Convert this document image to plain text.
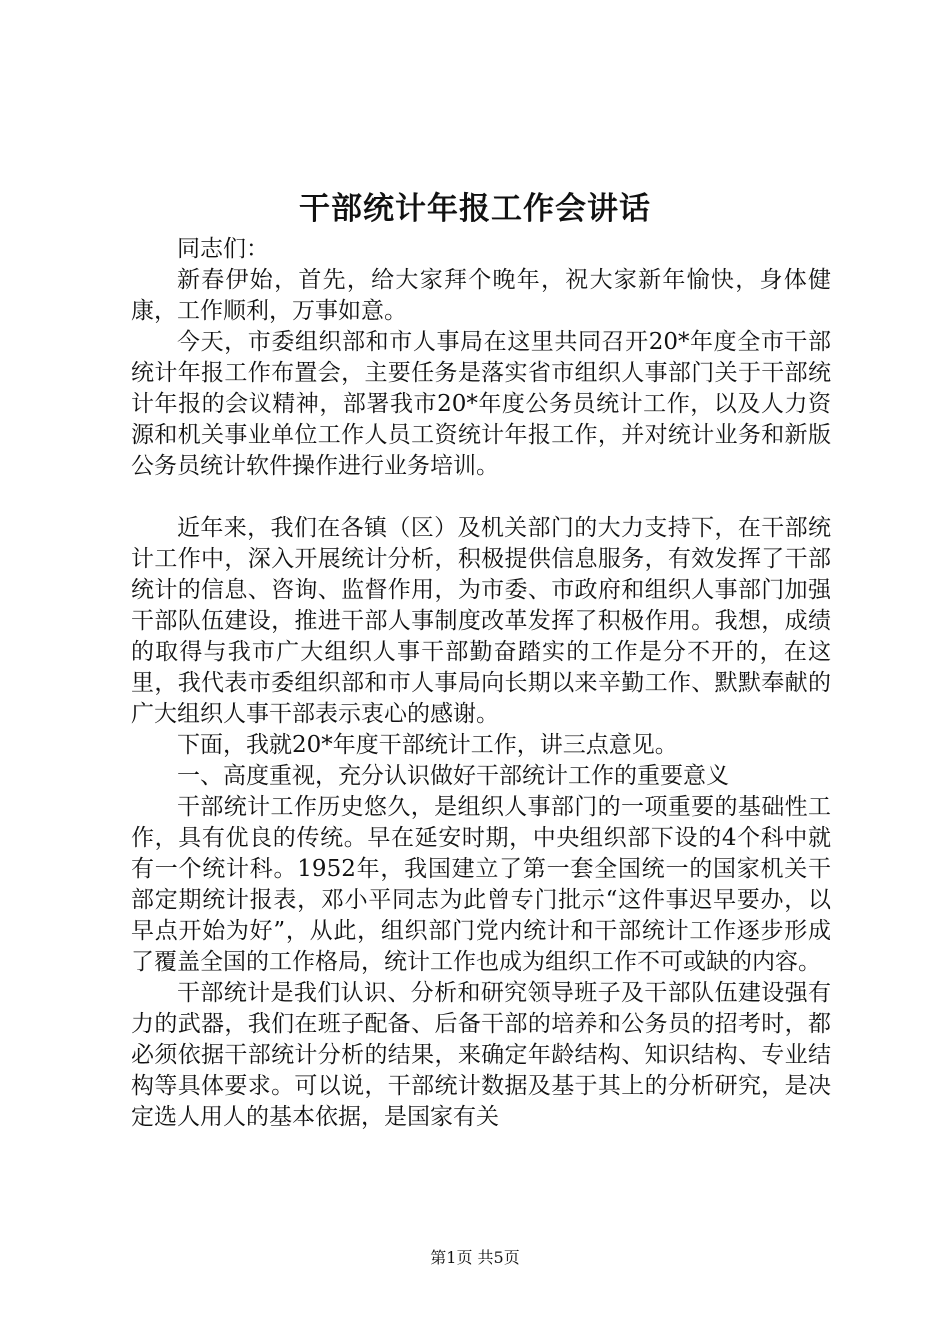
干部统计年报工作会讲话

同志们：

新春伊始，首先，给大家拜个晚年，祝大家新年愉快，身体健康，工作顺利，万事如意。

今天，市委组织部和市人事局在这里共同召开20*年度全市干部统计年报工作布置会，主要任务是落实省市组织人事部门关于干部统计年报的会议精神，部署我市20*年度公务员统计工作，以及人力资源和机关事业单位工作人员工资统计年报工作，并对统计业务和新版公务员统计软件操作进行业务培训。

近年来，我们在各镇（区）及机关部门的大力支持下，在干部统计工作中，深入开展统计分析，积极提供信息服务，有效发挥了干部统计的信息、咨询、监督作用，为市委、市政府和组织人事部门加强干部队伍建设，推进干部人事制度改革发挥了积极作用。我想，成绩的取得与我市广大组织人事干部勤奋踏实的工作是分不开的，在这里，我代表市委组织部和市人事局向长期以来辛勤工作、默默奉献的广大组织人事干部表示衷心的感谢。

下面，我就20*年度干部统计工作，讲三点意见。

一、高度重视，充分认识做好干部统计工作的重要意义

干部统计工作历史悠久，是组织人事部门的一项重要的基础性工作，具有优良的传统。早在延安时期，中央组织部下设的4个科中就有一个统计科。1952年，我国建立了第一套全国统一的国家机关干部定期统计报表，邓小平同志为此曾专门批示“这件事迟早要办，以早点开始为好”，从此，组织部门党内统计和干部统计工作逐步形成了覆盖全国的工作格局，统计工作也成为组织工作不可或缺的内容。

干部统计是我们认识、分析和研究领导班子及干部队伍建设强有力的武器，我们在班子配备、后备干部的培养和公务员的招考时，都必须依据干部统计分析的结果，来确定年龄结构、知识结构、专业结构等具体要求。可以说，干部统计数据及基于其上的分析研究，是决定选人用人的基本依据，是国家有关

第1页 共5页
